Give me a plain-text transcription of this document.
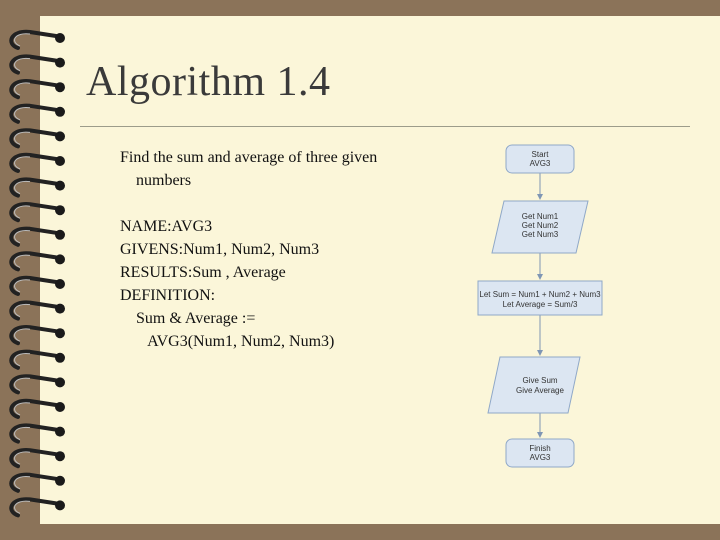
Algorithm 1.4
Find the sum and average of three given
numbers
NAME:AVG3
GIVENS:Num1, Num2, Num3
RESULTS:Sum , Average
DEFINITION:
Sum & Average :=
AVG3(Num1, Num2, Num3)
Start
AVG3
Get Num1
Get Num2
Get Num3
Let Sum = Num1 + Num2 + Num3
Let Average = Sum/3
Give Sum
Give Average
Finish
AVG3
